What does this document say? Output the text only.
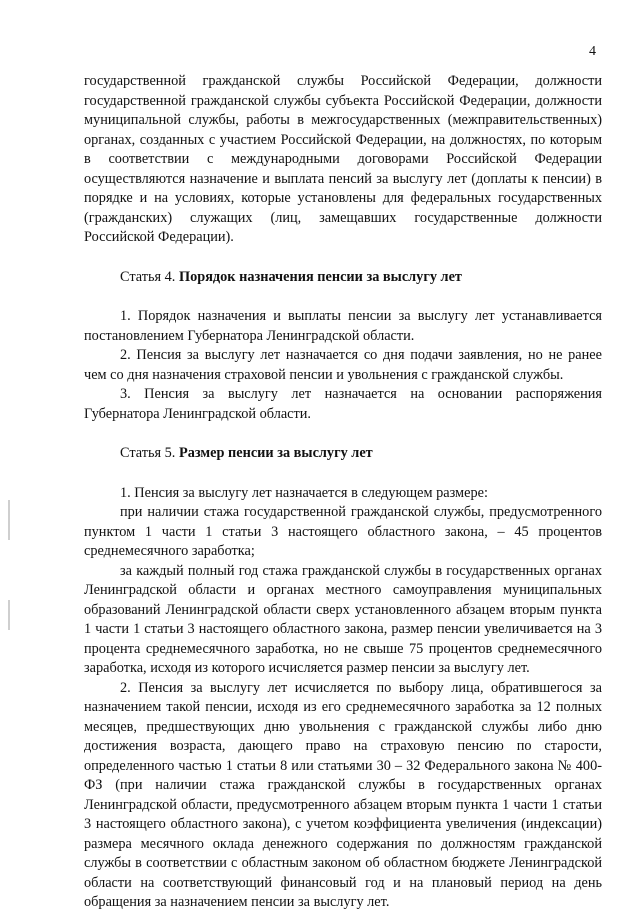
4

государственной гражданской службы Российской Федерации, должности государственной гражданской службы субъекта Российской Федерации, должности муниципальной службы, работы в межгосударственных (межправительственных) органах, созданных с участием Российской Федерации, на должностях, по которым в соответствии с международными договорами Российской Федерации осуществляются назначение и выплата пенсий за выслугу лет (доплаты к пенсии) в порядке и на условиях, которые установлены для федеральных государственных (гражданских) служащих (лиц, замещавших государственные должности Российской Федерации).

Статья 4. Порядок назначения пенсии за выслугу лет

1. Порядок назначения и выплаты пенсии за выслугу лет устанавливается постановлением Губернатора Ленинградской области.

2. Пенсия за выслугу лет назначается со дня подачи заявления, но не ранее чем со дня назначения страховой пенсии и увольнения с гражданской службы.

3. Пенсия за выслугу лет назначается на основании распоряжения Губернатора Ленинградской области.

Статья 5. Размер пенсии за выслугу лет

1. Пенсия за выслугу лет назначается в следующем размере:

при наличии стажа государственной гражданской службы, предусмотренного пунктом 1 части 1 статьи 3 настоящего областного закона, – 45 процентов среднемесячного заработка;

за каждый полный год стажа гражданской службы в государственных органах Ленинградской области и органах местного самоуправления муниципальных образований Ленинградской области сверх установленного абзацем вторым пункта 1 части 1 статьи 3 настоящего областного закона, размер пенсии увеличивается на 3 процента среднемесячного заработка, но не свыше 75 процентов среднемесячного заработка, исходя из которого исчисляется размер пенсии за выслугу лет.

2. Пенсия за выслугу лет исчисляется по выбору лица, обратившегося за назначением такой пенсии, исходя из его среднемесячного заработка за 12 полных месяцев, предшествующих дню увольнения с гражданской службы либо дню достижения возраста, дающего право на страховую пенсию по старости, определенного частью 1 статьи 8 или статьями 30 – 32 Федерального закона № 400-ФЗ (при наличии стажа гражданской службы в государственных органах Ленинградской области, предусмотренного абзацем вторым пункта 1 части 1 статьи 3 настоящего областного закона), с учетом коэффициента увеличения (индексации) размера месячного оклада денежного содержания по должностям гражданской службы в соответствии с областным законом об областном бюджете Ленинградской области на соответствующий финансовый год и на плановый период на день обращения за назначением пенсии за выслугу лет.
